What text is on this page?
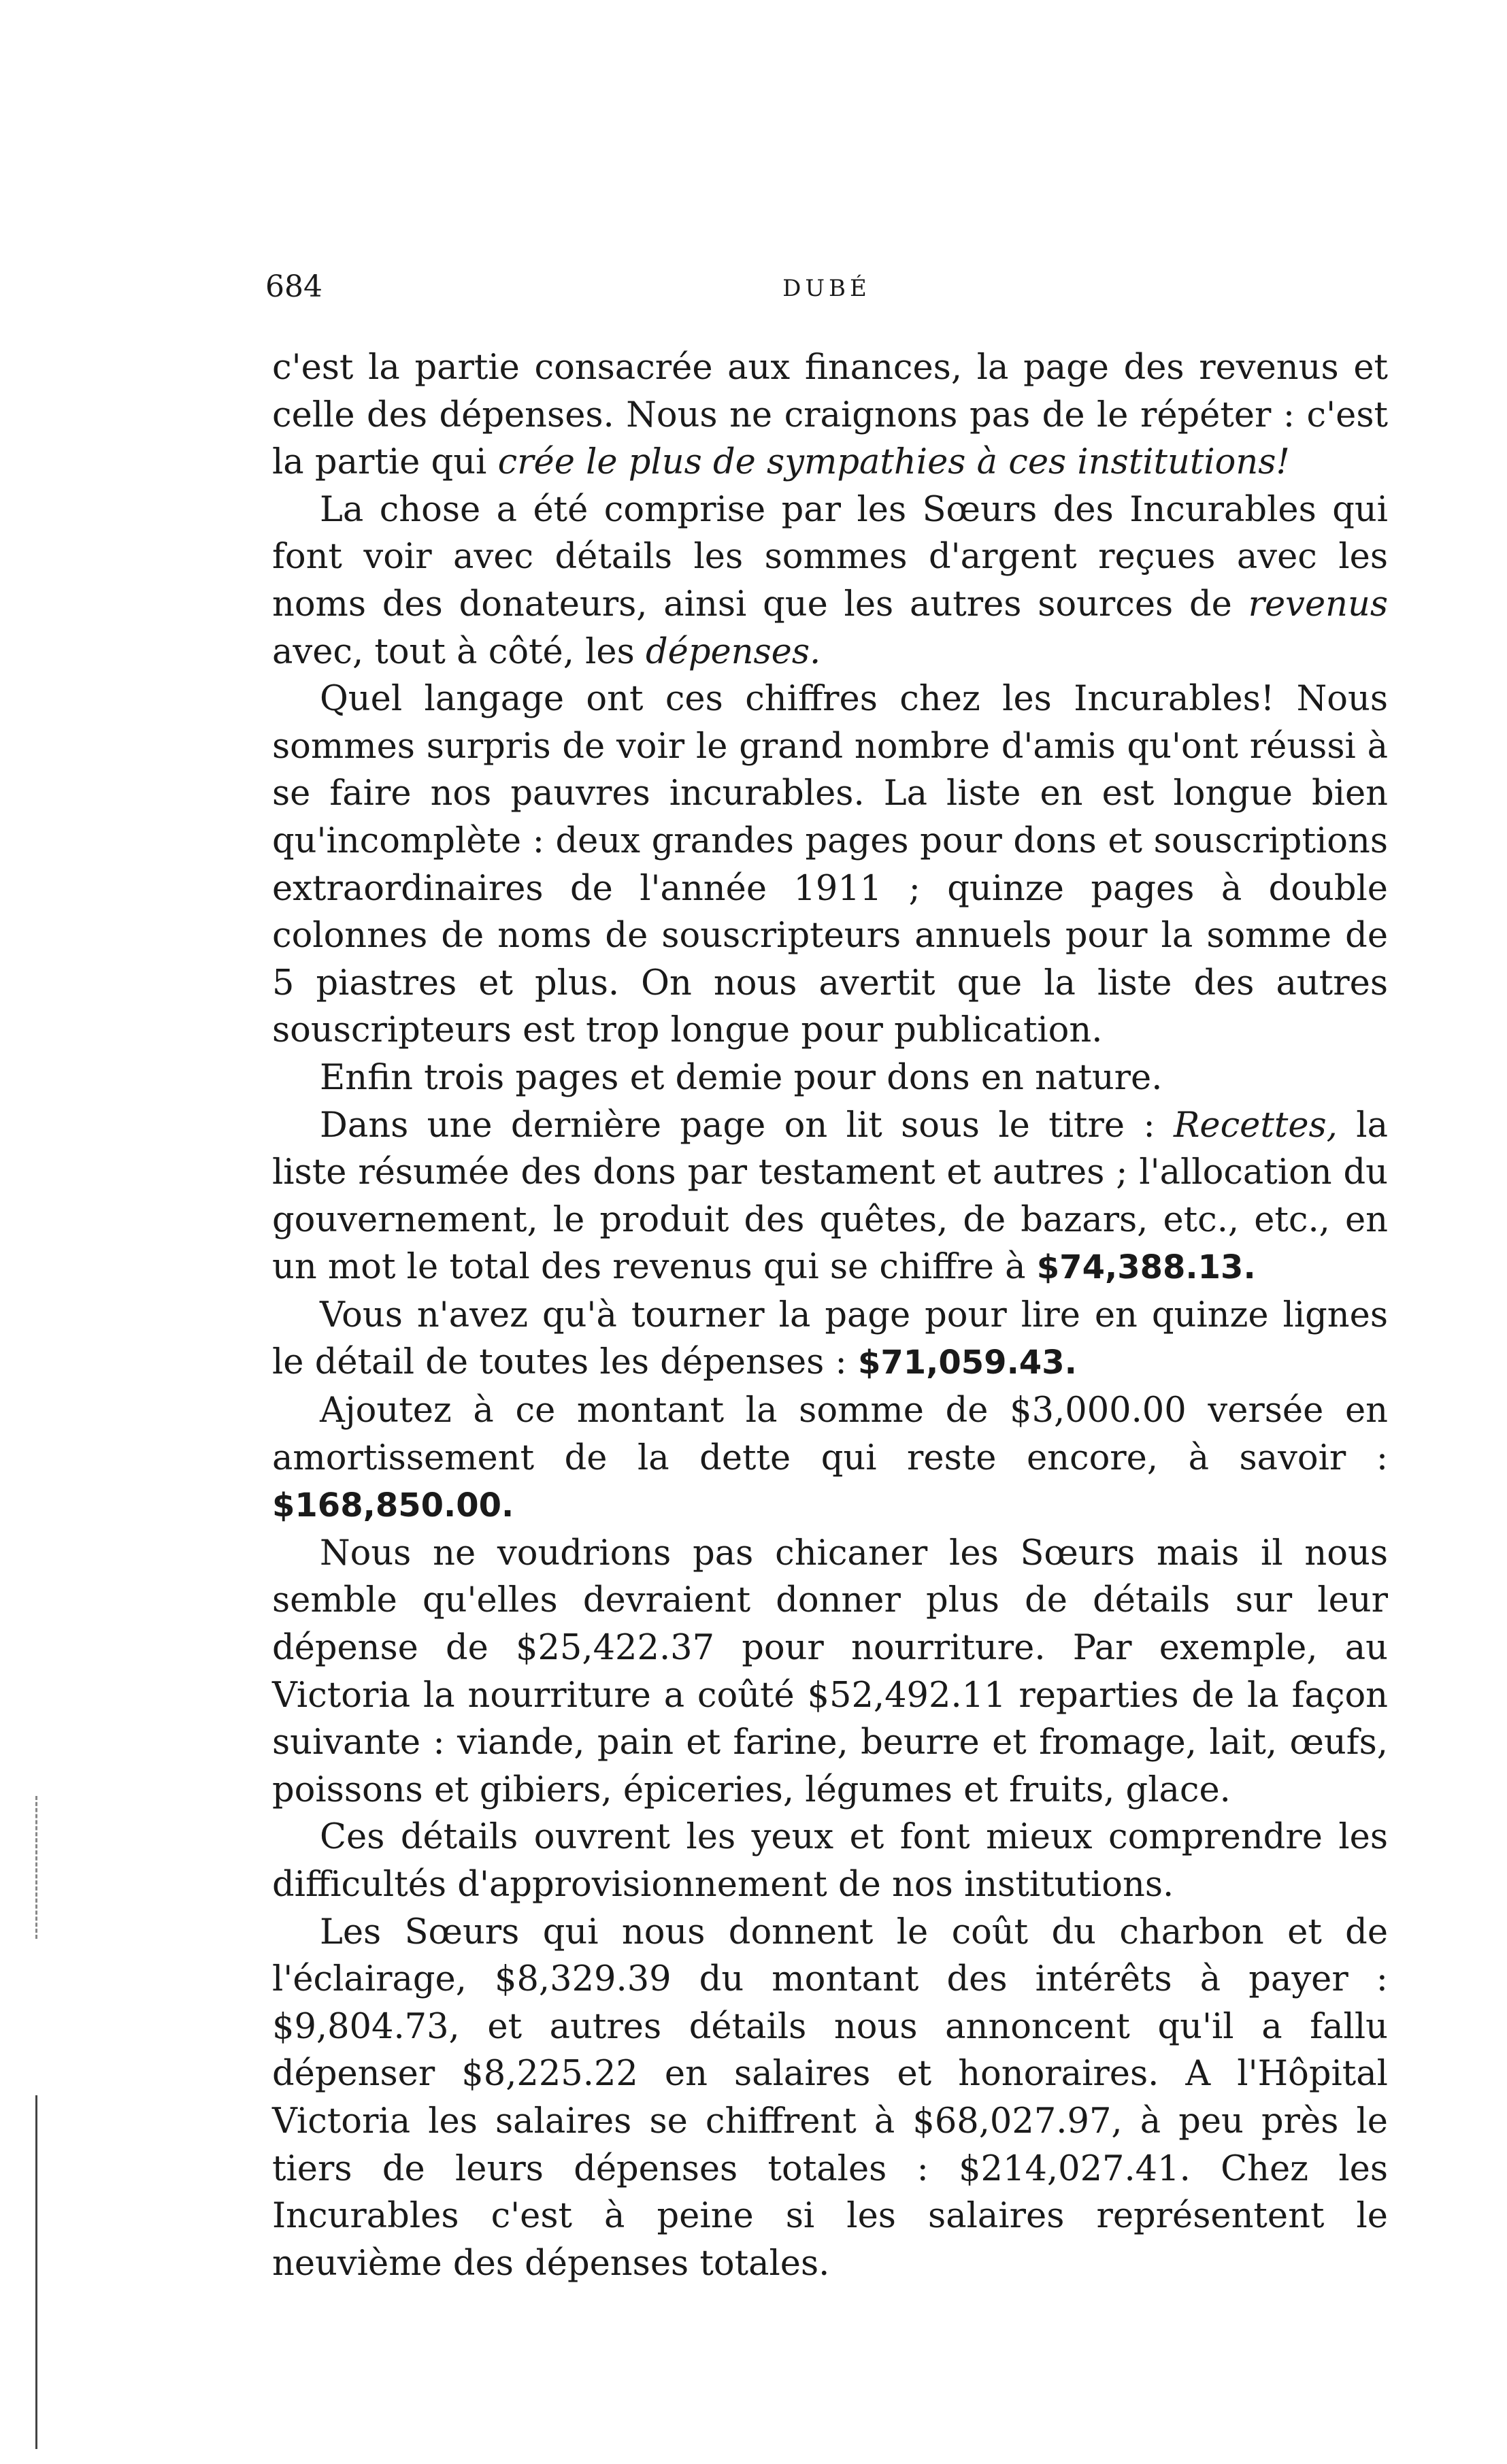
684	DUBÉ

c'est la partie consacrée aux finances, la page des revenus et celle des dépenses. Nous ne craignons pas de le répéter : c'est la partie qui crée le plus de sympathies à ces institutions!

La chose a été comprise par les Sœurs des Incurables qui font voir avec détails les sommes d'argent reçues avec les noms des donateurs, ainsi que les autres sources de revenus avec, tout à côté, les dépenses.

Quel langage ont ces chiffres chez les Incurables! Nous sommes surpris de voir le grand nombre d'amis qu'ont réussi à se faire nos pauvres incurables. La liste en est longue bien qu'incomplète : deux grandes pages pour dons et souscriptions extraordinaires de l'année 1911 ; quinze pages à double colonnes de noms de souscripteurs annuels pour la somme de 5 piastres et plus. On nous avertit que la liste des autres souscripteurs est trop longue pour publication.

Enfin trois pages et demie pour dons en nature.

Dans une dernière page on lit sous le titre : Recettes, la liste résumée des dons par testament et autres ; l'allocation du gouvernement, le produit des quêtes, de bazars, etc., etc., en un mot le total des revenus qui se chiffre à $74,388.13.

Vous n'avez qu'à tourner la page pour lire en quinze lignes le détail de toutes les dépenses : $71,059.43.

Ajoutez à ce montant la somme de $3,000.00 versée en amortissement de la dette qui reste encore, à savoir : $168,850.00.

Nous ne voudrions pas chicaner les Sœurs mais il nous semble qu'elles devraient donner plus de détails sur leur dépense de $25,422.37 pour nourriture. Par exemple, au Victoria la nourriture a coûté $52,492.11 reparties de la façon suivante : viande, pain et farine, beurre et fromage, lait, œufs, poissons et gibiers, épiceries, légumes et fruits, glace.

Ces détails ouvrent les yeux et font mieux comprendre les difficultés d'approvisionnement de nos institutions.

Les Sœurs qui nous donnent le coût du charbon et de l'éclairage, $8,329.39 du montant des intérêts à payer : $9,804.73, et autres détails nous annoncent qu'il a fallu dépenser $8,225.22 en salaires et honoraires. A l'Hôpital Victoria les salaires se chiffrent à $68,027.97, à peu près le tiers de leurs dépenses totales : $214,027.41. Chez les Incurables c'est à peine si les salaires représentent le neuvième des dépenses totales.
